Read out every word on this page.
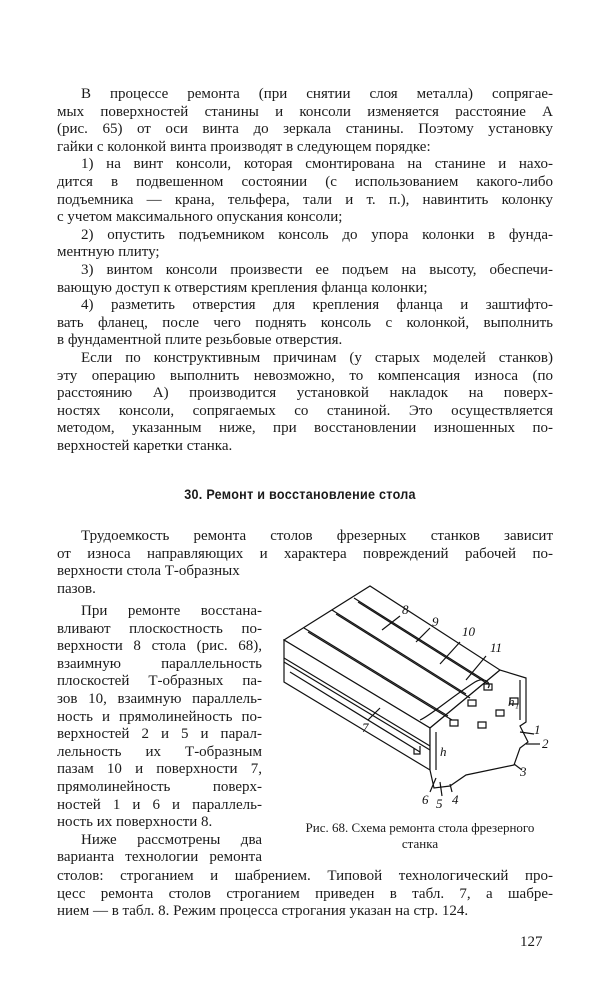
В процессе ремонта (при снятии слоя металла) сопрягае-
мых поверхностей станины и консоли изменяется расстояние A
(рис. 65) от оси винта до зеркала станины. Поэтому установку
гайки с колонкой винта производят в следующем порядке:
1) на винт консоли, которая смонтирована на станине и нахо-
дится в подвешенном состоянии (с использованием какого-либо
подъемника — крана, тельфера, тали и т. п.), навинтить колонку
с учетом максимального опускания консоли;
2) опустить подъемником консоль до упора колонки в фунда-
ментную плиту;
3) винтом консоли произвести ее подъем на высоту, обеспечи-
вающую доступ к отверстиям крепления фланца колонки;
4) разметить отверстия для крепления фланца и заштифто-
вать фланец, после чего поднять консоль с колонкой, выполнить
в фундаментной плите резьбовые отверстия.
Если по конструктивным причинам (у старых моделей станков)
эту операцию выполнить невозможно, то компенсация износа (по
расстоянию A) производится установкой накладок на поверх-
ностях консоли, сопрягаемых со станиной. Это осуществляется
методом, указанным ниже, при восстановлении изношенных по-
верхностей каретки станка.
30. Ремонт и восстановление стола
Трудоемкость ремонта столов фрезерных станков зависит
от износа направляющих и характера повреждений рабочей по-
верхности стола Т-образных
пазов.
При ремонте восстана-
вливают плоскостность по-
верхности 8 стола (рис. 68),
взаимную параллельность
плоскостей Т-образных па-
зов 10, взаимную параллель-
ность и прямолинейность по-
верхностей 2 и 5 и парал-
лельность их Т-образным
пазам 10 и поверхности 7,
прямолинейность поверх-
ностей 1 и 6 и параллель-
ность их поверхности 8.
Ниже рассмотрены два
варианта технологии ремонта
столов: строганием и шабрением. Типовой технологический про-
цесс ремонта столов строганием приведен в табл. 7, а шабре-
нием — в табл. 8. Режим процесса строгания указан на стр. 124.
8
9
10
11
7	1
2
3
6 5 4
h
h₁
Рис. 68. Схема ремонта стола фрезерного
станка
127
